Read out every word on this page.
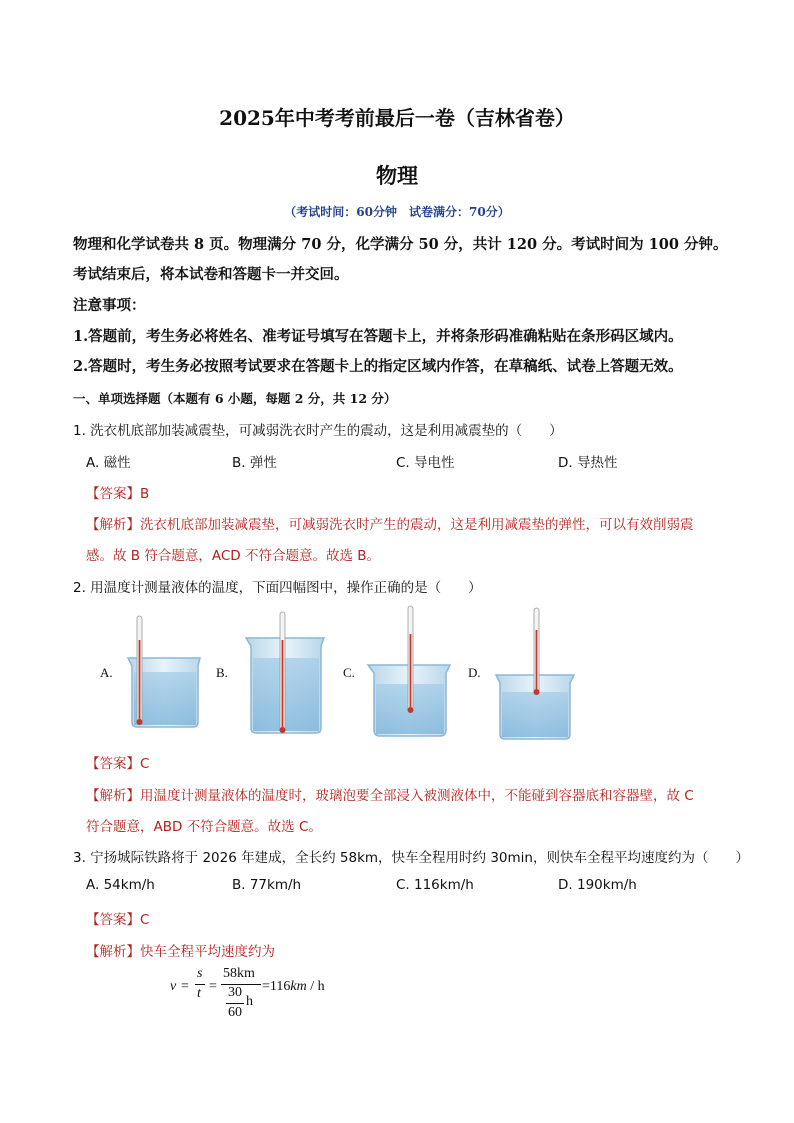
2025年中考考前最后一卷（吉林省卷）
物理
（考试时间：60分钟　试卷满分：70分）
物理和化学试卷共 8 页。物理满分 70 分，化学满分 50 分，共计 120 分。考试时间为 100 分钟。
考试结束后，将本试卷和答题卡一并交回。
注意事项：
1.答题前，考生务必将姓名、准考证号填写在答题卡上，并将条形码准确粘贴在条形码区域内。
2.答题时，考生务必按照考试要求在答题卡上的指定区域内作答，在草稿纸、试卷上答题无效。
一、单项选择题（本题有 6 小题，每题 2 分，共 12 分）
1. 洗衣机底部加装减震垫，可减弱洗衣时产生的震动，这是利用减震垫的（　　）
A. 磁性	B. 弹性	C. 导电性	D. 导热性
【答案】B
【解析】洗衣机底部加装减震垫，可减弱洗衣时产生的震动，这是利用减震垫的弹性，可以有效削弱震
感。故 B 符合题意，ACD 不符合题意。故选 B。
2. 用温度计测量液体的温度，下面四幅图中，操作正确的是（　　）
A.	B.	C.	D.
【答案】C
【解析】用温度计测量液体的温度时，玻璃泡要全部浸入被测液体中，不能碰到容器底和容器壁，故 C
符合题意，ABD 不符合题意。故选 C。
3. 宁扬城际铁路将于 2026 年建成，全长约 58km，快车全程用时约 30min，则快车全程平均速度约为（　　）
A. 54km/h	B. 77km/h	C. 116km/h	D. 190km/h
【答案】C
【解析】快车全程平均速度约为
v =
s
t =
58km
30
60
h
=116km / h
